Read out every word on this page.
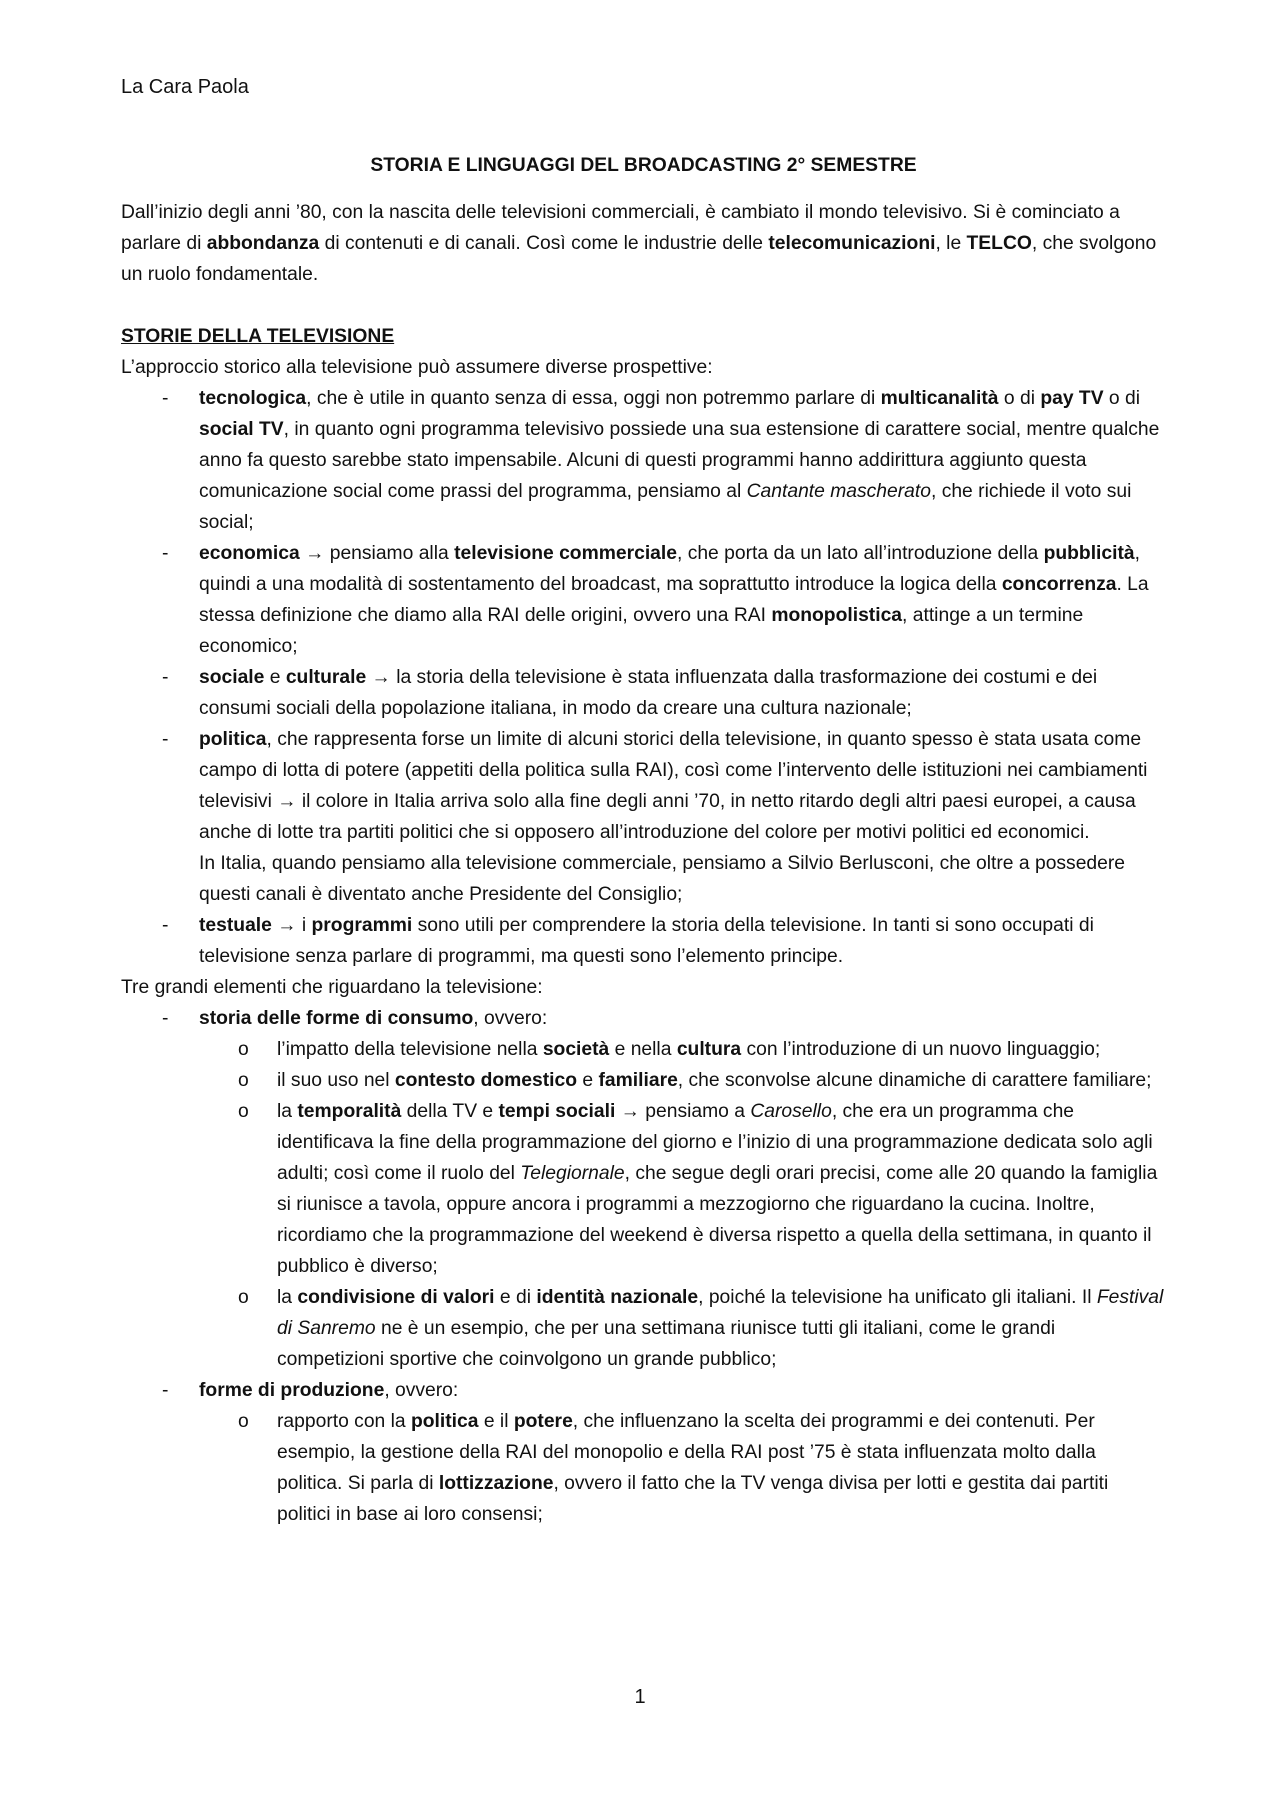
La Cara Paola

STORIA E LINGUAGGI DEL BROADCASTING 2° SEMESTRE

Dall’inizio degli anni ’80, con la nascita delle televisioni commerciali, è cambiato il mondo televisivo. Si è cominciato a parlare di abbondanza di contenuti e di canali. Così come le industrie delle telecomunicazioni, le TELCO, che svolgono un ruolo fondamentale.

STORIE DELLA TELEVISIONE

L’approccio storico alla televisione può assumere diverse prospettive:

- tecnologica, che è utile in quanto senza di essa, oggi non potremmo parlare di multicanalità o di pay TV o di social TV, in quanto ogni programma televisivo possiede una sua estensione di carattere social, mentre qualche anno fa questo sarebbe stato impensabile. Alcuni di questi programmi hanno addirittura aggiunto questa comunicazione social come prassi del programma, pensiamo al Cantante mascherato, che richiede il voto sui social;
- economica → pensiamo alla televisione commerciale, che porta da un lato all’introduzione della pubblicità, quindi a una modalità di sostentamento del broadcast, ma soprattutto introduce la logica della concorrenza. La stessa definizione che diamo alla RAI delle origini, ovvero una RAI monopolistica, attinge a un termine economico;
- sociale e culturale → la storia della televisione è stata influenzata dalla trasformazione dei costumi e dei consumi sociali della popolazione italiana, in modo da creare una cultura nazionale;
- politica, che rappresenta forse un limite di alcuni storici della televisione, in quanto spesso è stata usata come campo di lotta di potere (appetiti della politica sulla RAI), così come l’intervento delle istituzioni nei cambiamenti televisivi → il colore in Italia arriva solo alla fine degli anni ’70, in netto ritardo degli altri paesi europei, a causa anche di lotte tra partiti politici che si opposero all’introduzione del colore per motivi politici ed economici.
In Italia, quando pensiamo alla televisione commerciale, pensiamo a Silvio Berlusconi, che oltre a possedere questi canali è diventato anche Presidente del Consiglio;
- testuale → i programmi sono utili per comprendere la storia della televisione. In tanti si sono occupati di televisione senza parlare di programmi, ma questi sono l’elemento principe.

Tre grandi elementi che riguardano la televisione:

- storia delle forme di consumo, ovvero:
o l’impatto della televisione nella società e nella cultura con l’introduzione di un nuovo linguaggio;
o il suo uso nel contesto domestico e familiare, che sconvolse alcune dinamiche di carattere familiare;
o la temporalità della TV e tempi sociali → pensiamo a Carosello, che era un programma che identificava la fine della programmazione del giorno e l’inizio di una programmazione dedicata solo agli adulti; così come il ruolo del Telegiornale, che segue degli orari precisi, come alle 20 quando la famiglia si riunisce a tavola, oppure ancora i programmi a mezzogiorno che riguardano la cucina. Inoltre, ricordiamo che la programmazione del weekend è diversa rispetto a quella della settimana, in quanto il pubblico è diverso;
o la condivisione di valori e di identità nazionale, poiché la televisione ha unificato gli italiani. Il Festival di Sanremo ne è un esempio, che per una settimana riunisce tutti gli italiani, come le grandi competizioni sportive che coinvolgono un grande pubblico;
- forme di produzione, ovvero:
o rapporto con la politica e il potere, che influenzano la scelta dei programmi e dei contenuti. Per esempio, la gestione della RAI del monopolio e della RAI post ’75 è stata influenzata molto dalla politica. Si parla di lottizzazione, ovvero il fatto che la TV venga divisa per lotti e gestita dai partiti politici in base ai loro consensi;
1
